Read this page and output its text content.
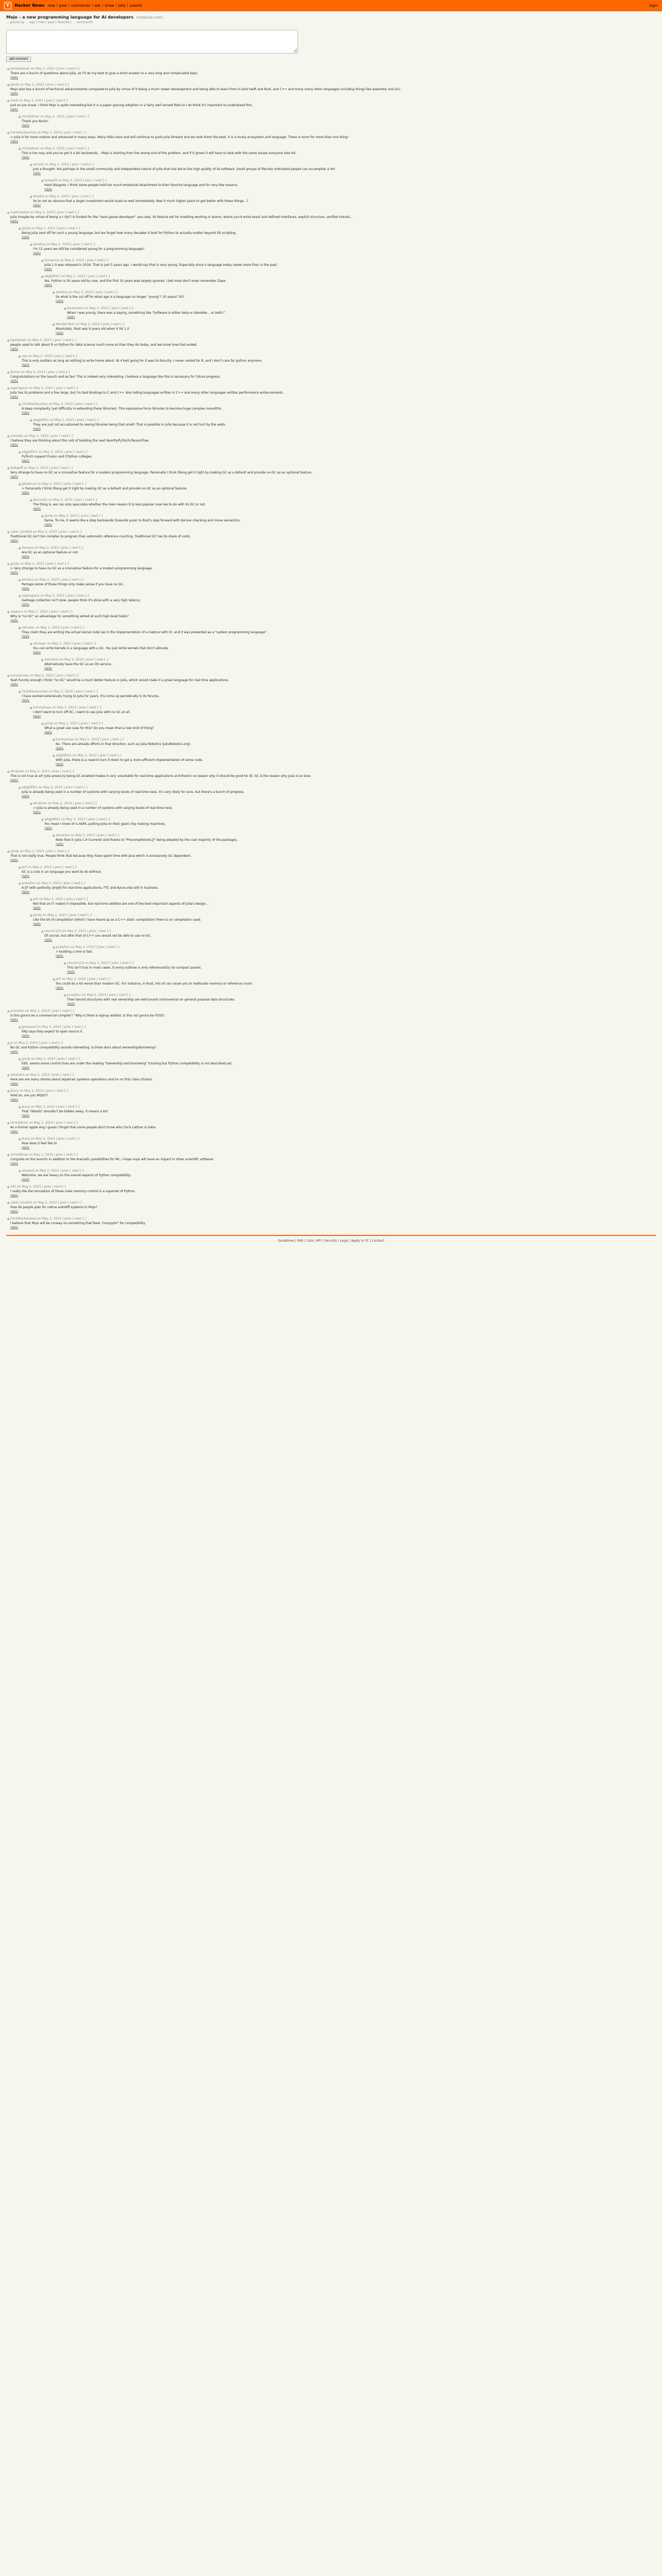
Y	Hacker News new | past | comments | ask | show | jobs | submit	login
Mojo – a new programming language for AI developers (modular.com)
... points by ... ago | hide | past | favorite | ... comments
add comment
▲ jamestanner on May 2, 2023 | prev | next [–]
There are a bunch of questions about Julia, so I'll do my best to give a short answer to a very long and complicated topic.
reply
▲ pjmlp on May 2, 2023 | prev | next [–]
Mojo also has a bunch of technical advancements compared to Julia by virtue of it being a much newer development and being able to learn from it (and Swift and Rust, and C++ and many many other languages including things like assembly and sic).
reply
▲ toadi on May 2, 2023 | prev | next [–]
Just so you know, I think Mojo is quite interesting but it is a paper gaining adoption in a fairly well served field so I do think it's important to understand this.
reply
▲ chrislattner on May 2, 2023 | prev | next [–]
Thank you Kevin!
reply
▲ ChrisRackauckas on May 2, 2023 | prev | next [–]
> Julia is far more mature and advanced in many ways. Many folks have and will continue to push Julia forward and we wish them the best, it is a lovely ecosystem and language. There is room for more than one thing!
reply
▲ chrislattner on May 2, 2023 | prev | next [–]
This is too rosy and you've got it a bit backwards... Mojo is starting from the wrong end of the problem, and if it grows it will have to deal with the same issues everyone else hit.
reply
▲ ssivark on May 2, 2023 | prev | next [–]
Just a thought: but perhaps in the small community and independent nature of Julia that has led to the high quality of its software. Small groups of fiercely motivated people can accomplish a lot!
reply
▲ bobajeff on May 2, 2023 | prev | next [–]
Hard disagree. I think some people hold too much emotional attachment to their favorite language and for very few reasons.
reply
▲ drbaba on May 2, 2023 | prev | next [–]
So to not an obvious that a larger investment would scale so well immediately. Was it much higher place to get better with these things...?
reply
▲ mattnewton on May 2, 2023 | prev | next [–]
Julia (maybe by virtue of being a c tip?) is funded for the "sane goose developer" use case, its feature set for enabling working in teams, where you'd write exact and defined interfaces, explicit structure, verified checks...
reply
▲ pjmlp on May 2, 2023 | prev | next [–]
Being Julia sent off for such a young language, but we forget how many decades it took for Python to actually matter beyond OS scripting.
reply
▲ amelius on May 2, 2023 | prev | next [–]
I'm 12 years we still be considered young for a programming language?
reply
▲ Someone on May 2, 2023 | prev | next [–]
Julia 1.0 was released in 2018. That is just 5 years ago. I would say that is very young. Especially since a language today needs more than in the past.
reply
▲ adgjlsfhk1 on May 2, 2023 | prev | next [–]
Yes, Python is 30 years old by now, and the first 10 years was largely ignored. I bet most don't even remember Zope.
reply
▲ amelius on May 2, 2023 | prev | next [–]
So what is the cut off for what age is a language no longer "young"? 10 years? 20?
reply
▲ Jtsummers on May 2, 2023 | prev | next [–]
When I was young, there was a saying, something like "Software is either beta or obsolete... or both!"
reply
▲ WoodenSkin on May 2, 2023 | prev | next [–]
Absolutely, Rust was 9 years old when it hit 1.0
reply
▲ hgoldstein on May 2, 2023 | prev | next [–]
people used to talk about R vs Python for data science much more so than they do today, and we know how that ended.
reply
▲ cpa on May 2, 2023 | prev | next [–]
This is only matters as long as nothing to write home about. At 4 belt going for it was its ferocity: I never rooted for R, and I don't care for python anymore.
reply
▲ Ruhmi on May 2, 2023 | prev | next [–]
Congratulations on the launch and as fan! This is indeed very interesting. I believe a language like this is necessary for future progress.
reply
▲ eigenspace on May 2, 2023 | prev | next [–]
Julia has its problems and a few large, but I'm bad bindings to C and C++ also hiding languages written in C++ and many other languages written performance enhancements.
reply
▲ ChrisRackauckas on May 2, 2023 | prev | next [–]
A deep complexity (yet difficulty in extending these libraries). This expressive force libraries to become huge complex monoliths.
reply
▲ adgjlsfhk1 on May 2, 2023 | prev | next [–]
They are just not accustomed to seeing libraries being that small! That is possible in Julia because it is not hurt by the walls.
reply
▲ mtrower on May 2, 2023 | prev | next [–]
I believe they are thinking about the cost of building the next NumPy/PyTorch/TensorFlow.
reply
▲ adgjlsfhk1 on May 2, 2023 | prev | next [–]
PyTorch support Fusion and CPython colleges.
reply
▲ bobajeff on May 2, 2023 | prev | next [–]
Very strange to have no GC as a innovative feature for a modern programming language. Personally I think Dlang get it right by making GC as a default and provide no-GC as an optional feature.
reply
▲ jjtheblunt on May 2, 2023 | prev | next [–]
> Personally I think Dlang get it right by making GC as a default and provide no-GC as an optional feature.
reply
▲ ebruchez on May 2, 2023 | prev | next [–]
The thing is, we can only speculate whether the main reason D is less popular now has to do with its GC or not.
reply
▲ pjmlp on May 2, 2023 | prev | next [–]
Same. To me, it seems like a step backwards (towards pure) to Rust's step forward with borrow checking and move semantics.
reply
▲ cyber_kinetist on May 2, 2023 | prev | next [–]
Traditional GC isn't too complex to program than automatic reference counting. Traditional GC has its share of costs.
reply
▲ feanaro on May 2, 2023 | prev | next [–]
Are GC as an optional feature or not.
reply
▲ pjmlp on May 2, 2023 | prev | next [–]
> Very strange to have no GC as a innovative feature for a modern programming language.
reply
▲ amelius on May 2, 2023 | prev | next [–]
Perhaps some of these things only make sense if you have no GC.
reply
▲ eigenspace on May 2, 2023 | prev | next [–]
Garbage collection isn't slow, people think it's done with a very high latency.
reply
▲ vsaparn on May 2, 2023 | prev | next [–]
Why is "no GC" an advantage for something aimed at such high-level tasks?
reply
▲ mtrower on May 2, 2023 | prev | next [–]
They claim they are writing the actual kernel code (as in the implementation of a matmul with it), and it was presented as a "system programming language".
reply
▲ mtrower on May 2, 2023 | prev | next [–]
You can write kernels in a language with a GC. You just write kernels that don't allocate.
reply
▲ someone on May 2, 2023 | prev | next [–]
Alternatively have the GC as an OS service.
reply
▲ tommyhaas on May 2, 2023 | prev | next [–]
Yeah funnily enough I think "no GC" would be a much better feature in Julia, which would make it a great language for real time applications.
reply
▲ ChrisRackauckas on May 2, 2023 | prev | next [–]
I have worked extensively trying to Julia for years. It's come up periodically in its forums.
reply
▲ tommyhaas on May 2, 2023 | prev | next [–]
I don't want to turn off GC, I want to use Julia with no GC at all.
reply
▲ pjmlp on May 2, 2023 | prev | next [–]
What a great use case for this? Do you mean that a new kind of thing?
reply
▲ tommyhaas on May 2, 2023 | prev | next [–]
No. There are already efforts in that direction, such as Julia Robotics (JuliaRobotics.org).
reply
▲ adgjlsfhk1 on May 2, 2023 | prev | next [–]
With Julia, there is a need to turn it down to get a more efficient implementation of some code.
reply
▲ ekraimer on May 2, 2023 | prev | next [–]
This is not true at all! Julia poses by being GC-enabled makes it very unsuitable for real-time applications and there's no reason why it should be good for Al. GC is the reason why Julia is so slow.
reply
▲ adgjlsfhk1 on May 2, 2023 | prev | next [–]
Julia is already being used in a number of systems with varying levels of real-time-ness. It's very likely for sure, but there's a bunch of progress.
reply
▲ ekraimer on May 2, 2023 | prev | next [–]
> Julia is already being used in a number of systems with varying levels of real-time-ness.
reply
▲ adgjlsfhk1 on May 2, 2023 | prev | next [–]
You mean I know of is ASML putting Julia on their giant chip making machines.
reply
▲ ekraimer on May 2, 2023 | prev | next [–]
Note that in Julia 1.9 (current) and thanks to "Precompiletools.jl" being adopted by the vast majority of the packages.
reply
▲ pjmlp on May 2, 2023 | prev | next [–]
That is not really true. People think that because they have spent time with Java which is excessively GC dependent.
reply
▲ jerf on May 2, 2023 | prev | next [–]
GC is a cost in an language you want to do without.
reply
▲ pcwalton on May 2, 2023 | prev | next [–]
A JIT with perfectly alright for real-time applications, FTC and Azure also still in business.
reply
▲ jerf on May 2, 2023 | prev | next [–]
Not that an IT makes it impossible, but real-time abilities are one of the best important aspects of Julia's design...
reply
▲ pjmlp on May 2, 2023 | prev | next [–]
Like the bit of compilation (which I have heard up as a C++ static compilation) there is no compilation used.
reply
▲ vlovich123 on May 2, 2023 | prev | next [–]
Of course, but after that of C++ you would not be able to use no GC.
reply
▲ pcwalton on May 2, 2023 | prev | next [–]
> building a tree is fast.
reply
▲ vlovich123 on May 2, 2023 | prev | next [–]
This isn't true in most cases. It every subtree is only referenced by its compact parent.
reply
▲ jerf on May 2, 2023 | prev | next [–]
You could do a lot worse than modern GC. For instance, in Rust, lots of can cause you to reallocate memory or reference count.
reply
▲ pcwalton on May 2, 2023 | prev | next [–]
Then tenant structures with real ownership are well-sound controversial on general purpose data structures.
reply
▲ pcwalton on May 2, 2023 | prev | next [–]
Is this gonna be a commercial compiler? "Why is there a signup waitlist. Is this not gonna be FOSS?
reply
▲ jphoward on May 2, 2023 | prev | next [–]
FAQ says they expect to open source it.
reply
▲ jz on May 2, 2023 | prev | next [–]
No GC and Python compatibility sounds interesting. Is there docs about ownership/borrowing?
reply
▲ pjmlp on May 2, 2023 | prev | next [–]
Edit: seems some control lives are under the reading "Ownership and borrowing" tracking but Python compatibility is not described yet.
reply
▲ dotandro on May 2, 2023 | prev | next [–]
Here are are many stories about algebraic systems operations and on on first class citizens.
reply
▲ jkxxy on May 2, 2023 | prev | next [–]
Hold on, are you MOJO?!
reply
▲ jkxxy on May 2, 2023 | prev | next [–]
That "details" shouldn't be hidden away, it means a lot!
reply
▲ chrislattner on May 2, 2023 | prev | next [–]
As a former apple eng I guess I forgot that some people don't know who Chris Lattner is haha.
reply
▲ jkxxy on May 2, 2023 | prev | next [–]
How does it feel like to
reply
▲ chrislattner on May 2, 2023 | prev | next [–]
Congrats on the launch! In addition to the dramatic possibilities for ML, I hope mojo will have an impact in other scientific software.
reply
▲ amasad on May 2, 2023 | prev | next [–]
Welcome, we are heavy on the overall aspects of Python compatibility.
reply
▲ mkl on May 2, 2023 | prev | next [–]
I really like the simulation of those rules memory control in a superset of Python.
reply
▲ cyber_kinetist on May 2, 2023 | prev | next [–]
How do people plan for native autodiff systems in Mojo?
reply
▲ ChrisRackauckas on May 2, 2023 | prev | next [–]
I believe that Mojo will be runway on something that feels "numpylor" for compatibility.
reply
Guidelines | FAQ | Lists | API | Security | Legal | Apply to YC | Contact
